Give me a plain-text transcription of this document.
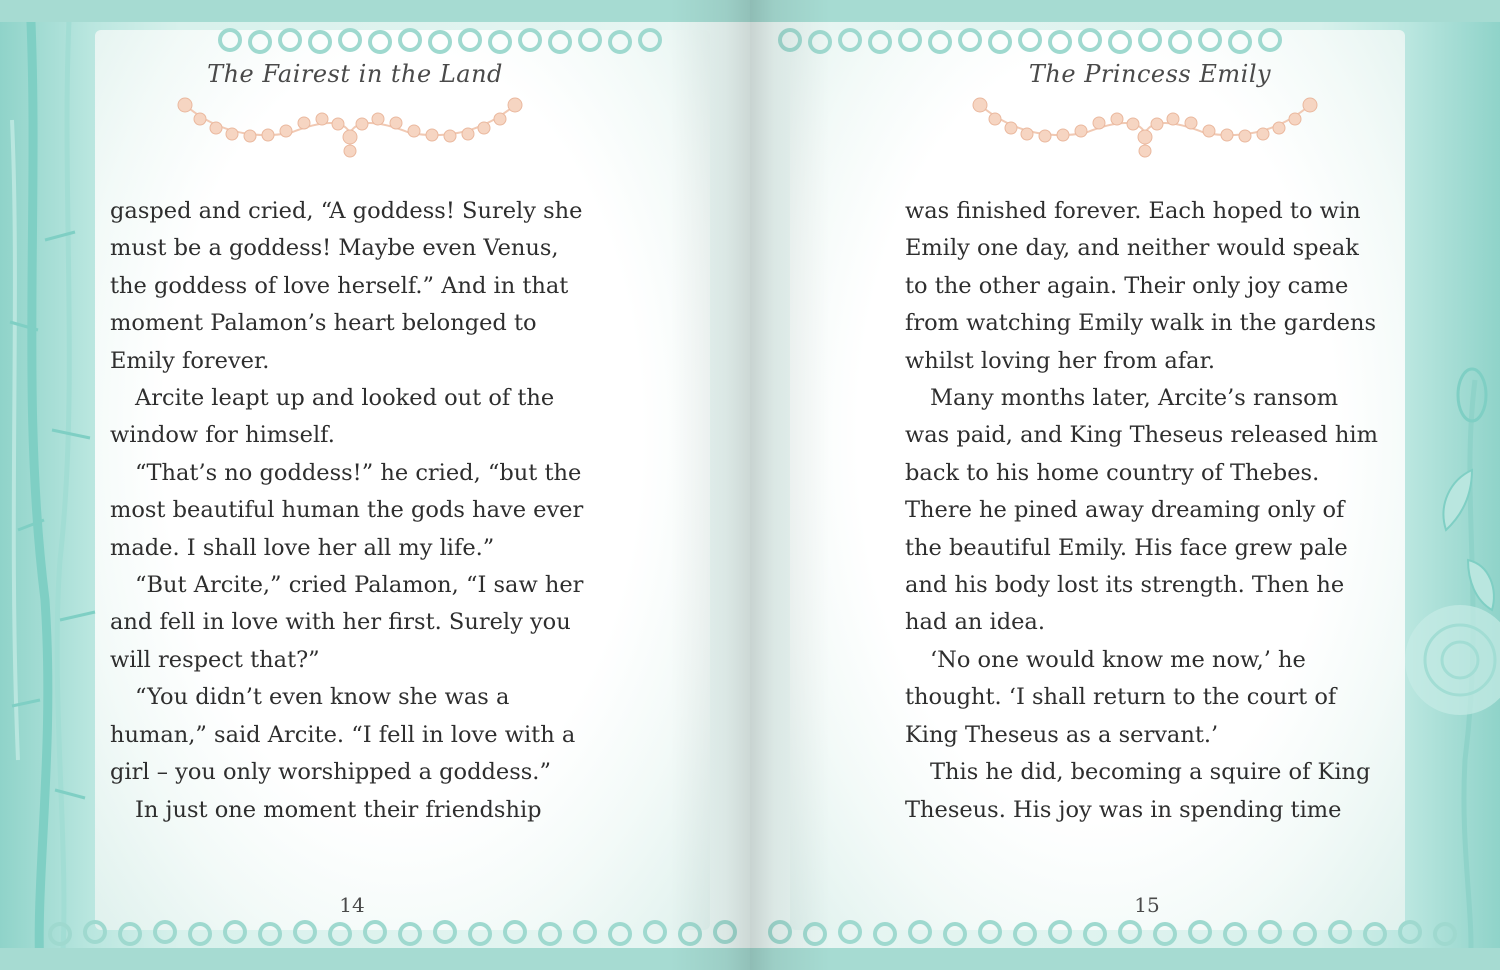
The Fairest in the Land

gasped and cried, “A goddess! Surely she

must be a goddess! Maybe even Venus,

the goddess of love herself.” And in that

moment Palamon’s heart belonged to

Emily forever.

Arcite leapt up and looked out of the

window for himself.

“That’s no goddess!” he cried, “but the

most beautiful human the gods have ever

made. I shall love her all my life.”

“But Arcite,” cried Palamon, “I saw her

and fell in love with her first. Surely you

will respect that?”

“You didn’t even know she was a

human,” said Arcite. “I fell in love with a

girl – you only worshipped a goddess.”

In just one moment their friendship

14
The Princess Emily

was finished forever. Each hoped to win

Emily one day, and neither would speak

to the other again. Their only joy came

from watching Emily walk in the gardens

whilst loving her from afar.

Many months later, Arcite’s ransom

was paid, and King Theseus released him

back to his home country of Thebes.

There he pined away dreaming only of

the beautiful Emily. His face grew pale

and his body lost its strength. Then he

had an idea.

‘No one would know me now,’ he

thought. ‘I shall return to the court of

King Theseus as a servant.’

This he did, becoming a squire of King

Theseus. His joy was in spending time

15
